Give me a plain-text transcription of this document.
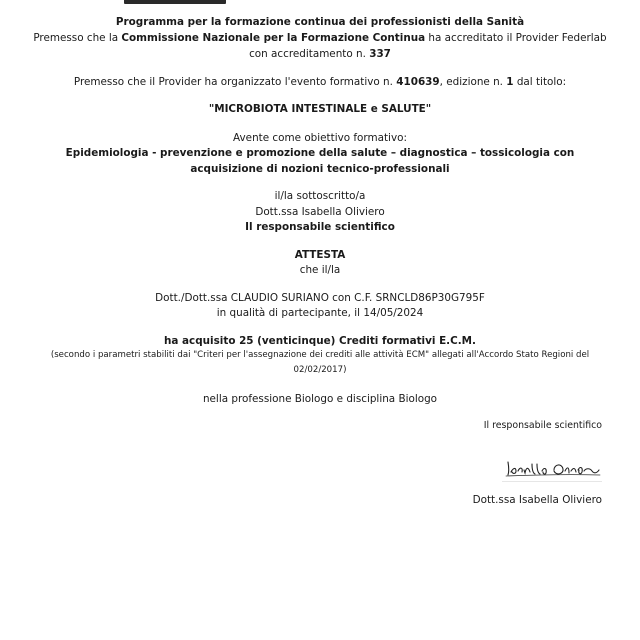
Programma per la formazione continua dei professionisti della Sanità
Premesso che la Commissione Nazionale per la Formazione Continua ha accreditato il Provider Federlab
con accreditamento n. 337
Premesso che il Provider ha organizzato l'evento formativo n. 410639, edizione n. 1 dal titolo:
"MICROBIOTA INTESTINALE e SALUTE"
Avente come obiettivo formativo:
Epidemiologia - prevenzione e promozione della salute – diagnostica – tossicologia con
acquisizione di nozioni tecnico-professionali
il/la sottoscritto/a
Dott.ssa Isabella Oliviero
Il responsabile scientifico
ATTESTA
che il/la
Dott./Dott.ssa CLAUDIO SURIANO con C.F. SRNCLD86P30G795F
in qualità di partecipante, il 14/05/2024
ha acquisito 25 (venticinque) Crediti formativi E.C.M.
(secondo i parametri stabiliti dai "Criteri per l'assegnazione dei crediti alle attività ECM" allegati all'Accordo Stato Regioni del
02/02/2017)
nella professione Biologo e disciplina Biologo
Il responsabile scientifico
Dott.ssa Isabella Oliviero
